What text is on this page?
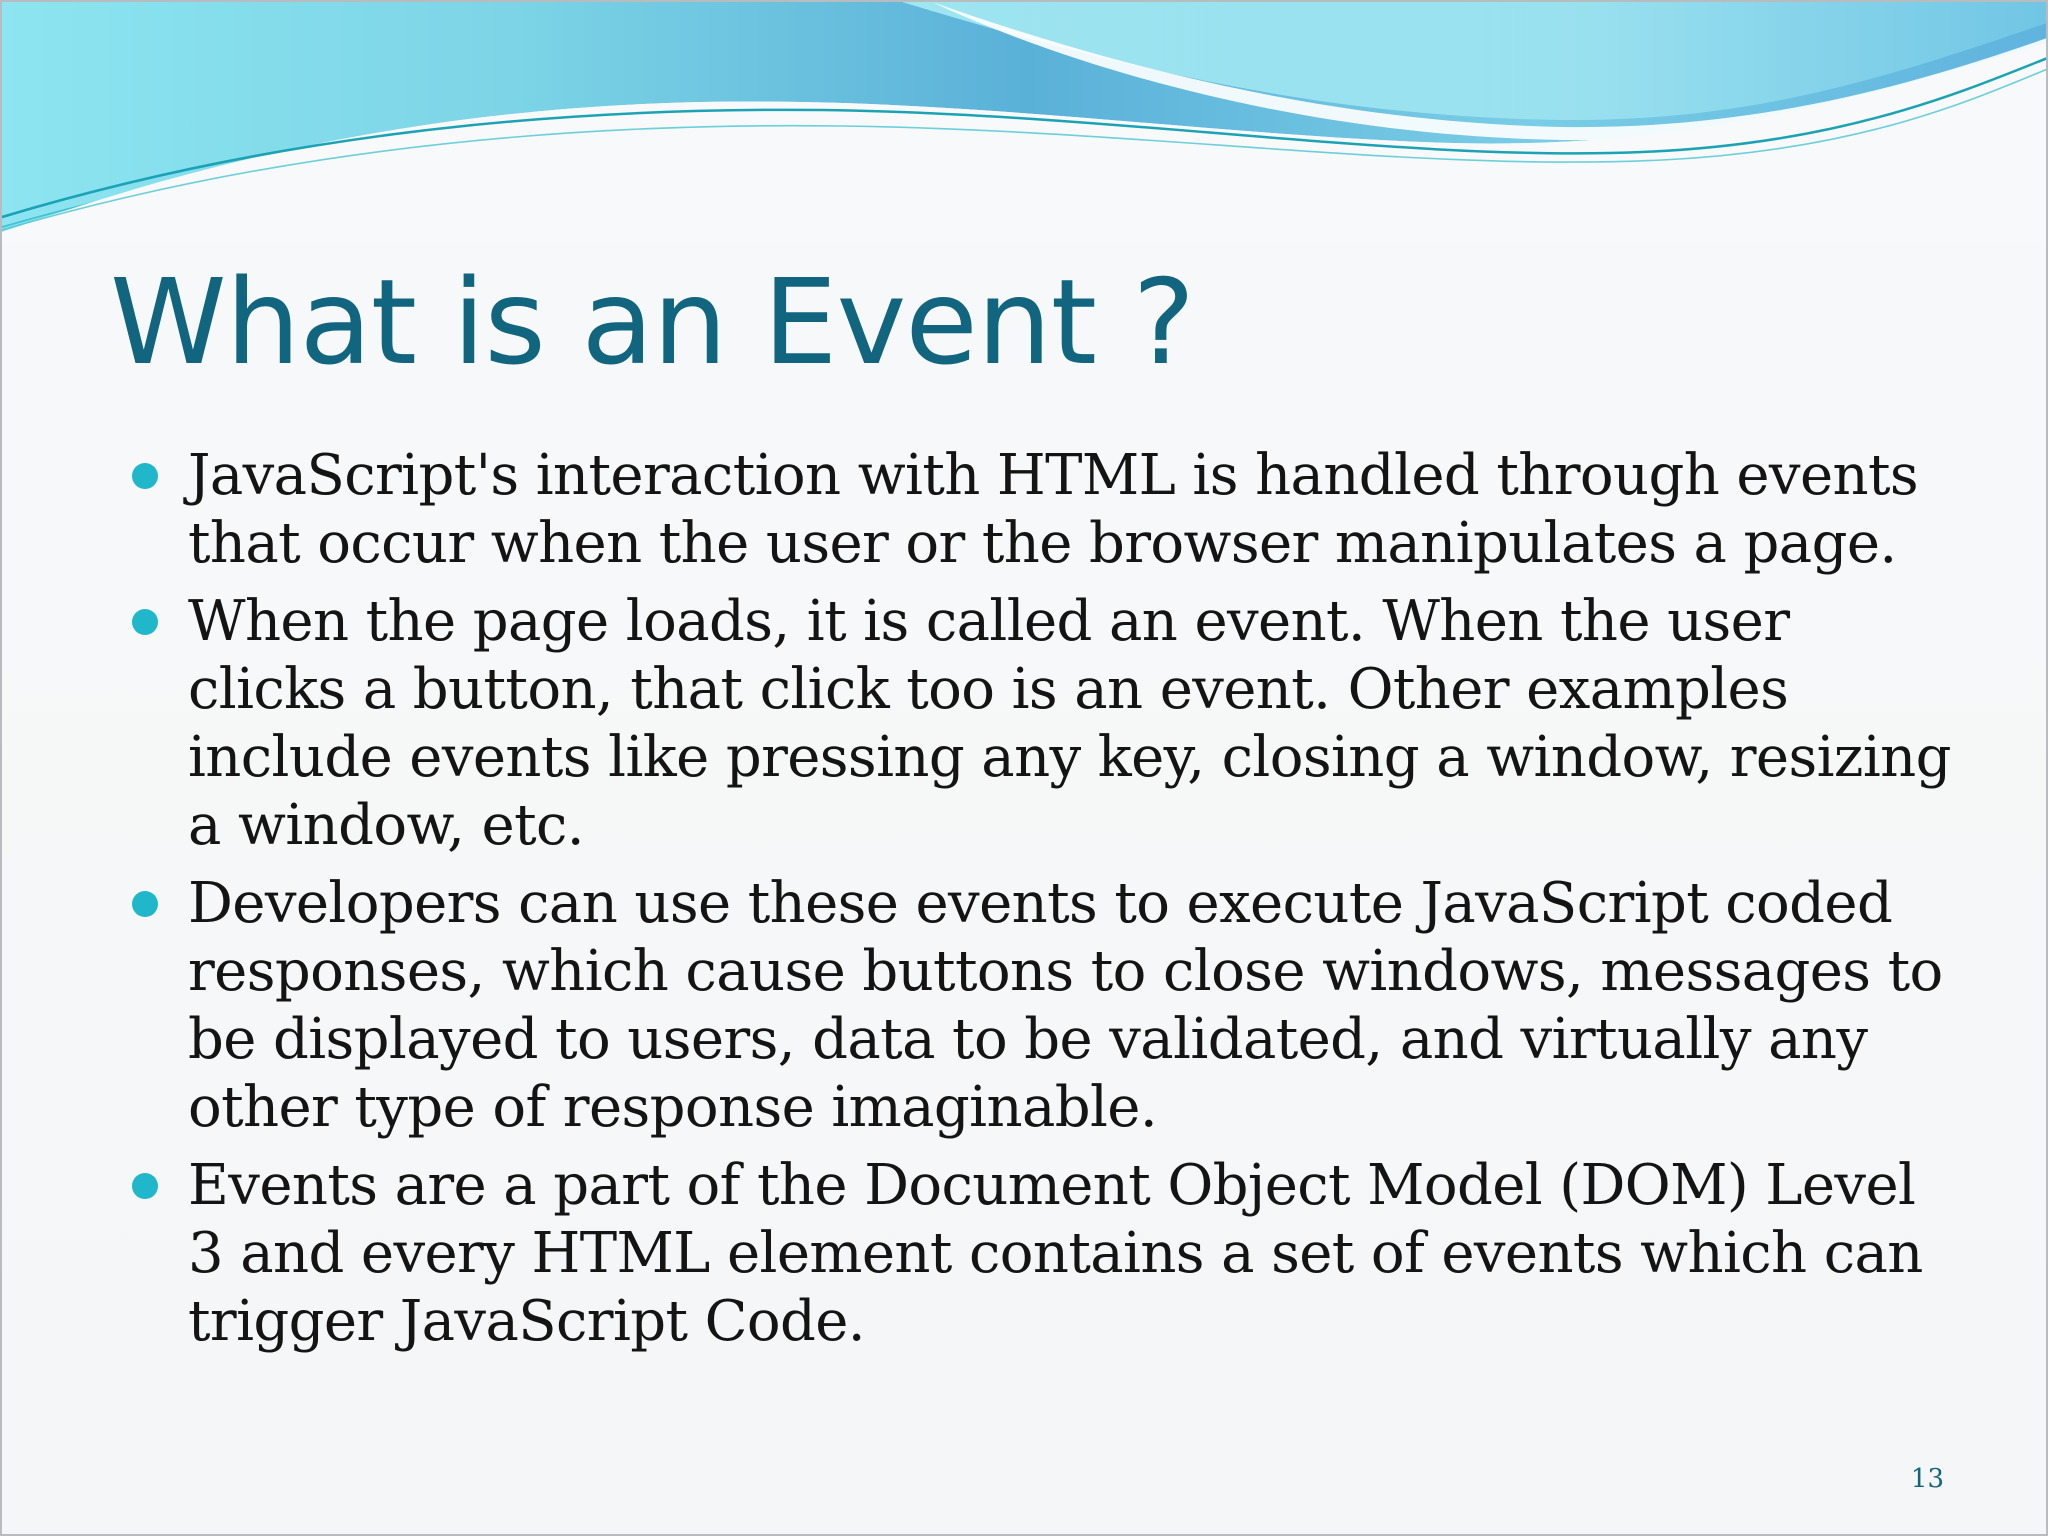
What is an Event ?
JavaScript's interaction with HTML is handled through events that occur when the user or the browser manipulates a page.
When the page loads, it is called an event. When the user clicks a button, that click too is an event. Other examples include events like pressing any key, closing a window, resizing a window, etc.
Developers can use these events to execute JavaScript coded responses, which cause buttons to close windows, messages to be displayed to users, data to be validated, and virtually any other type of response imaginable.
Events are a part of the Document Object Model (DOM) Level 3 and every HTML element contains a set of events which can trigger JavaScript Code.
13
